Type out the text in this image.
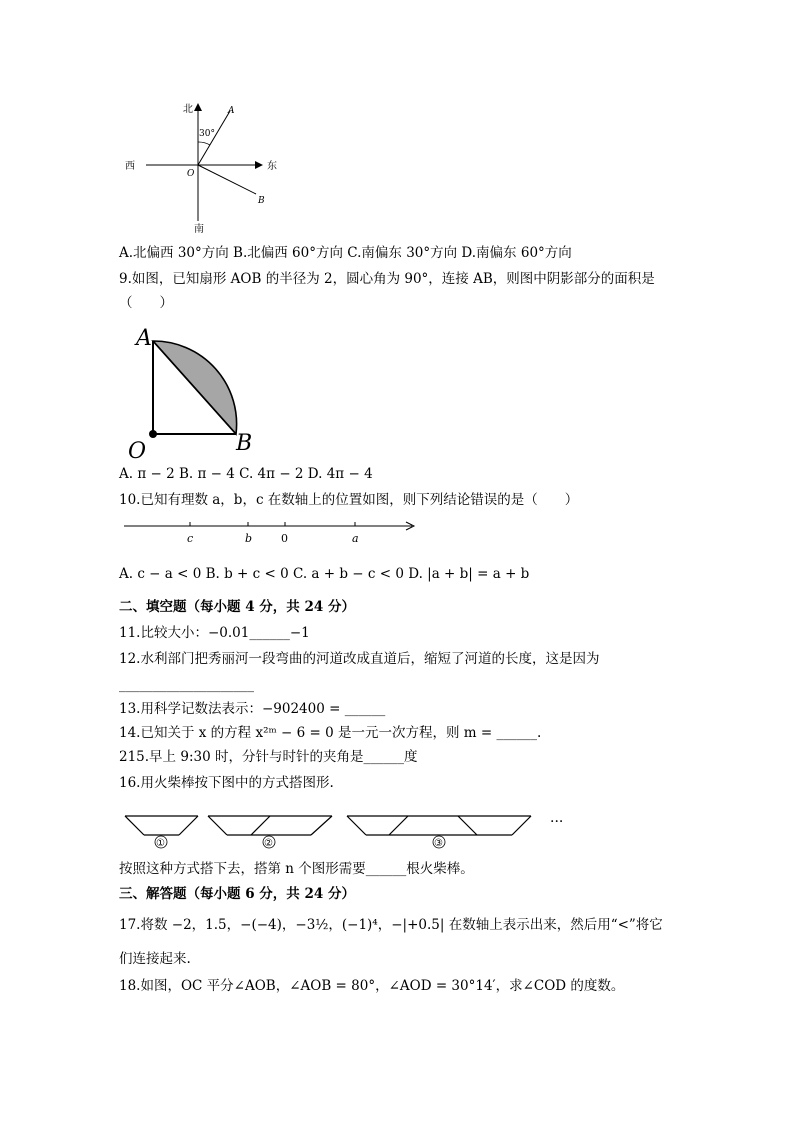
北
南
东
西
30°
O
A
B
A.北偏西 30°方向 B.北偏西 60°方向 C.南偏东 30°方向 D.南偏东 60°方向
9.如图，已知扇形 AOB 的半径为 2，圆心角为 90°，连接 AB，则图中阴影部分的面积是
（　　）
A
O	B
A. π − 2 B. π − 4 C. 4π − 2 D. 4π − 4
10.已知有理数 a，b，c 在数轴上的位置如图，则下列结论错误的是（　　）
c	b	0	a
A. c − a < 0 B. b + c < 0 C. a + b − c < 0 D. |a + b| = a + b
二、填空题（每小题 4 分，共 24 分）
11.比较大小：−0.01______−1
12.水利部门把秀丽河一段弯曲的河道改成直道后，缩短了河道的长度，这是因为
____________________
13.用科学记数法表示：−902400 = ______
14.已知关于 x 的方程 x²ᵐ − 6 = 0 是一元一次方程，则 m = ______.
215.早上 9:30 时，分针与时针的夹角是______度
16.用火柴棒按下图中的方式搭图形.
①	②	③
···
按照这种方式搭下去，搭第 n 个图形需要______根火柴棒。
三、解答题（每小题 6 分，共 24 分）
17.将数 −2，1.5，−(−4)，−3½，(−1)⁴，−|+0.5| 在数轴上表示出来，然后用“<”将它
们连接起来.
18.如图，OC 平分∠AOB，∠AOB = 80°，∠AOD = 30°14′，求∠COD 的度数。
